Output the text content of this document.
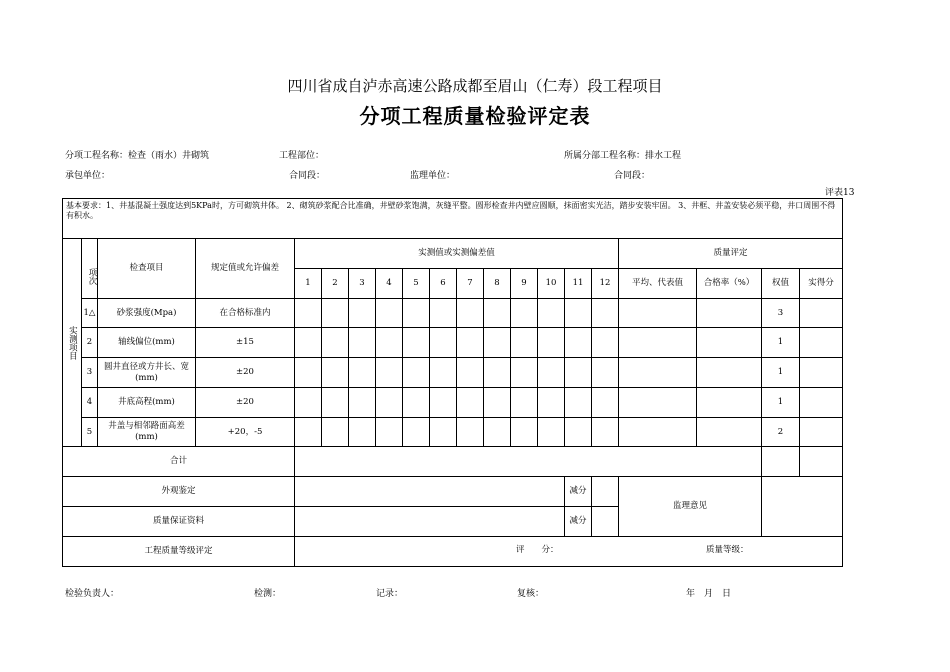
四川省成自泸赤高速公路成都至眉山（仁寿）段工程项目
分项工程质量检验评定表
分项工程名称：检查（雨水）井砌筑	工程部位：	所属分部工程名称：排水工程
承包单位：	合同段：	监理单位：	合同段：
评表13
基本要求：1、井基混凝土强度达到5KPa时，方可砌筑井体。 2、砌筑砂浆配合比准确，井壁砂浆饱满，灰缝平整。圆形检查井内壁应圆顺，抹面密实光洁，踏步安装牢固。 3、井框、井盖安装必须平稳，井口周围不得有积水。																			
实测项目	项次	检查项目	规定值或允许偏差	实测值或实测偏差值												质量评定			
				1	2	3	4	5	6	7	8	9	10	11	12	平均、代表值	合格率（%）	权值	实得分
	1△	砂浆强度(Mpa)	在合格标准内															3	
	2	轴线偏位(mm)	±15															1	
	3	圆井直径或方井长、宽(mm)	±20															1	
	4	井底高程(mm)	±20															1	
	5	井盖与相邻路面高差(mm)	+20，-5															2	
合计																			
外观鉴定														减分		监理意见			
质量保证资料														减分					
工程质量等级评定				评　　分： 质量等级：															
检验负责人：	检测：	记录：	复核：	年　月　日
